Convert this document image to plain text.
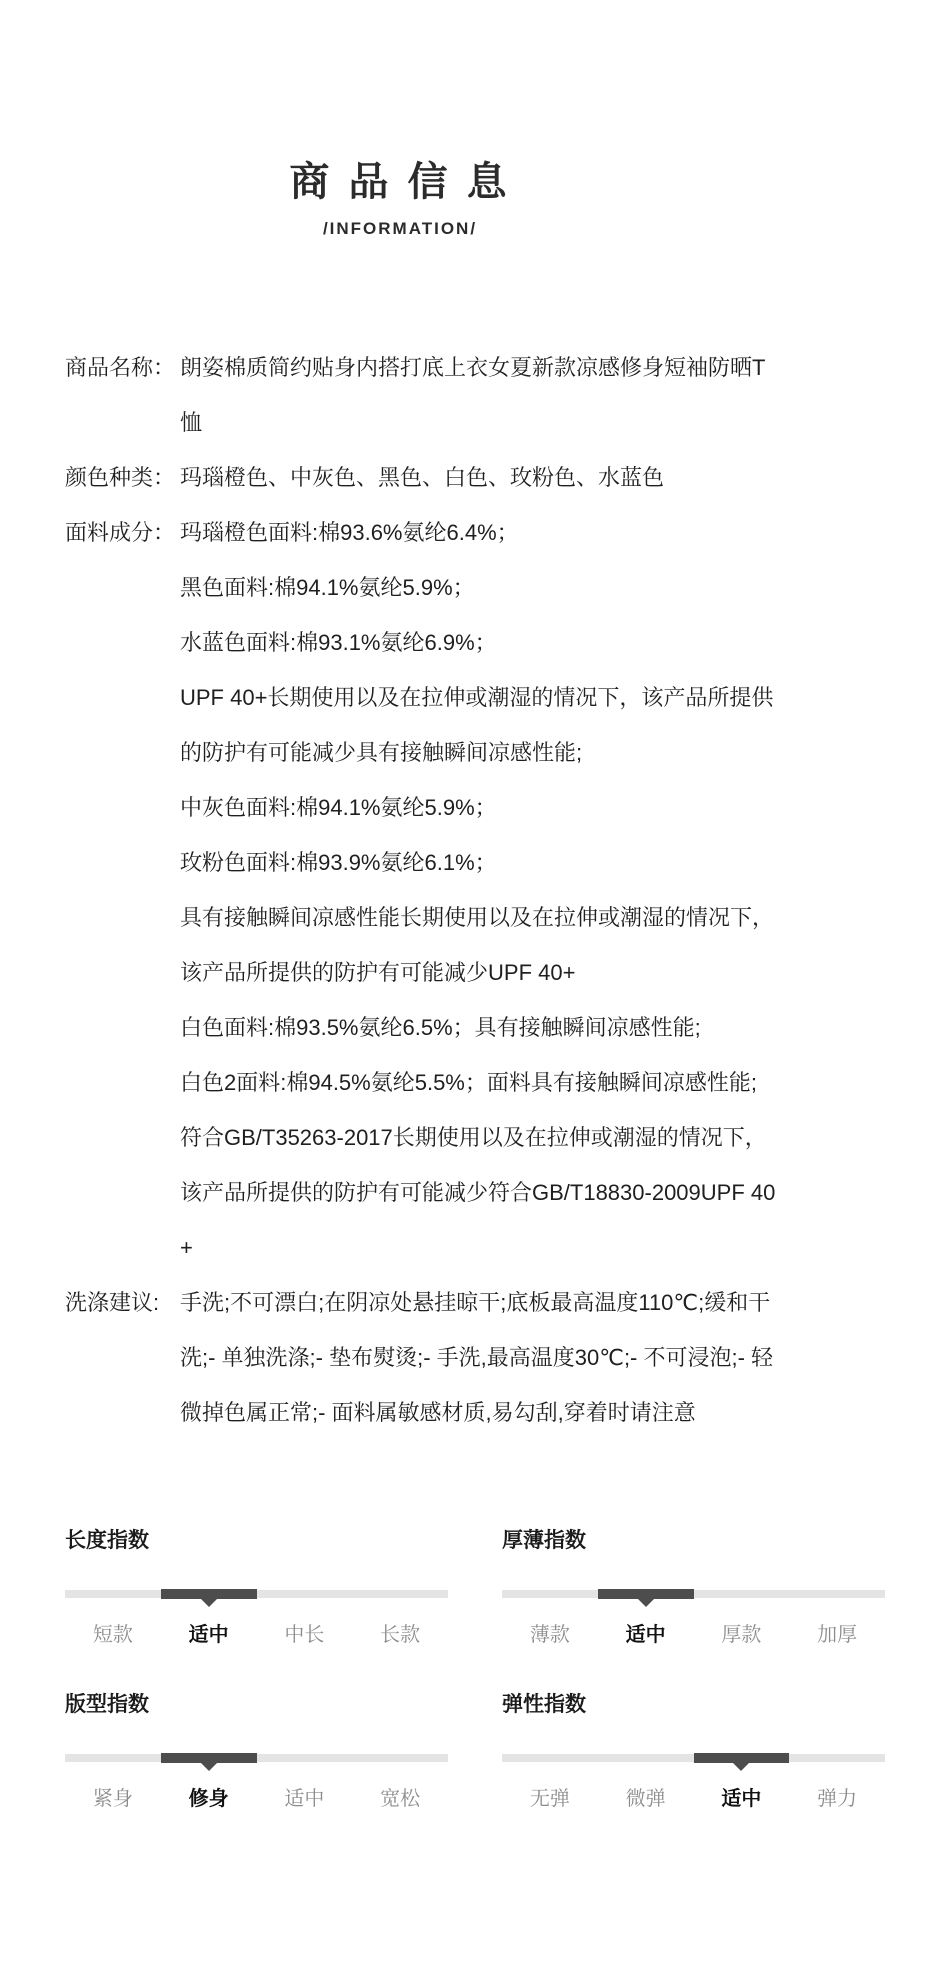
商 品 信 息
/INFORMATION/
商品名称： 朗姿棉质简约贴身内搭打底上衣女夏新款凉感修身短袖防晒T
恤
颜色种类： 玛瑙橙色、中灰色、黑色、白色、玫粉色、水蓝色
面料成分： 玛瑙橙色面料:棉93.6%氨纶6.4%；
黑色面料:棉94.1%氨纶5.9%；
水蓝色面料:棉93.1%氨纶6.9%；
UPF 40+长期使用以及在拉伸或潮湿的情况下，该产品所提供
的防护有可能减少具有接触瞬间凉感性能;
中灰色面料:棉94.1%氨纶5.9%；
玫粉色面料:棉93.9%氨纶6.1%；
具有接触瞬间凉感性能长期使用以及在拉伸或潮湿的情况下，
该产品所提供的防护有可能减少UPF 40+
白色面料:棉93.5%氨纶6.5%；具有接触瞬间凉感性能;
白色2面料:棉94.5%氨纶5.5%；面料具有接触瞬间凉感性能;
符合GB/T35263-2017长期使用以及在拉伸或潮湿的情况下，
该产品所提供的防护有可能减少符合GB/T18830-2009UPF 40
+
洗涤建议: 手洗;不可漂白;在阴凉处悬挂晾干;底板最高温度110℃;缓和干
洗;- 单独洗涤;- 垫布熨烫;- 手洗,最高温度30℃;- 不可浸泡;- 轻
微掉色属正常;- 面料属敏感材质,易勾刮,穿着时请注意
长度指数
短款	适中	中长	长款
厚薄指数
薄款	适中	厚款	加厚
版型指数
紧身	修身	适中	宽松
弹性指数
无弹	微弹	适中	弹力
